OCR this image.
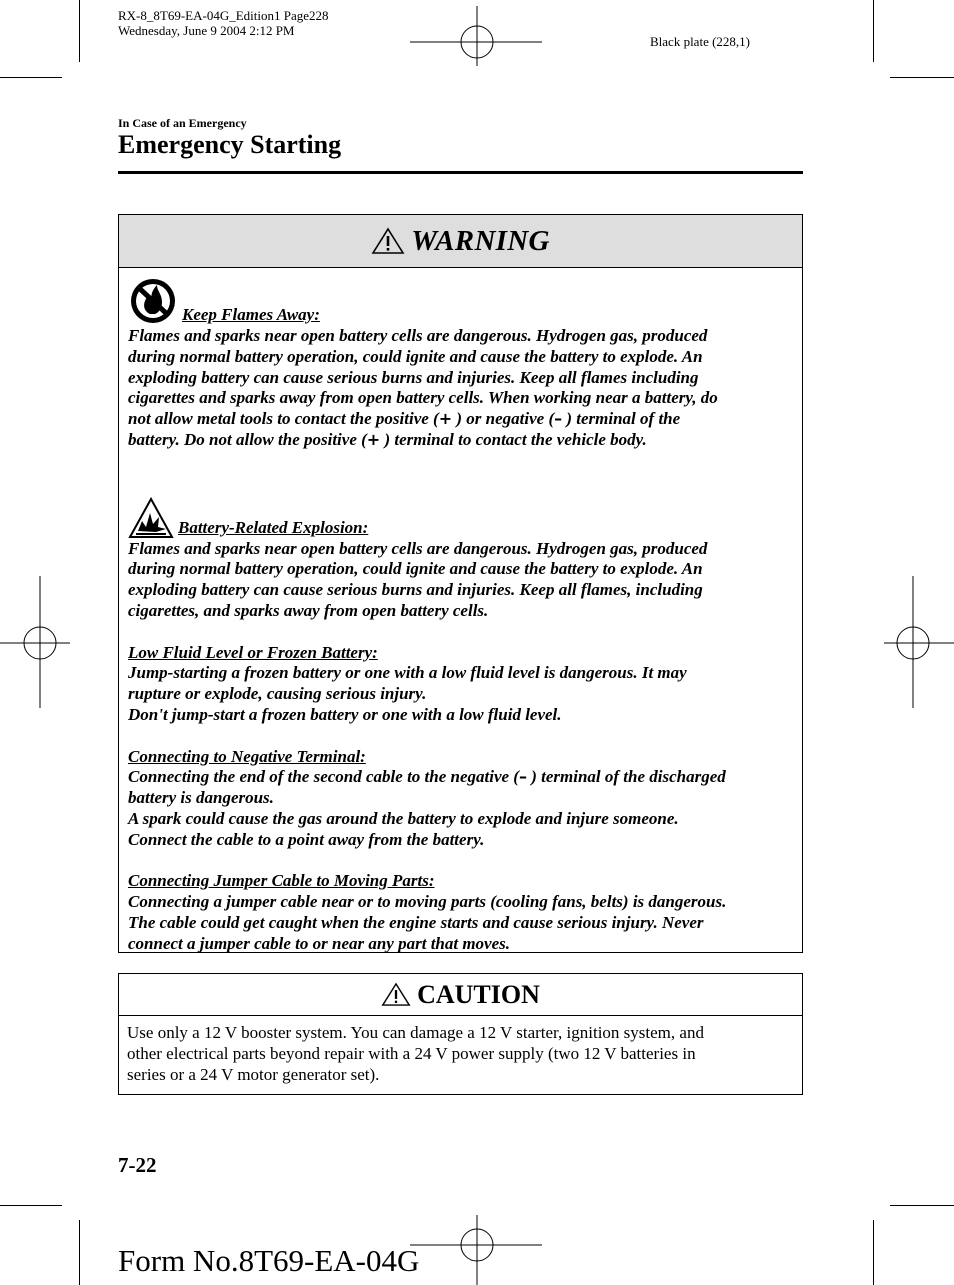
RX-8_8T69-EA-04G_Edition1 Page228
Wednesday, June 9 2004 2:12 PM
Black plate (228,1)
In Case of an Emergency
Emergency Starting
WARNING
Keep Flames Away:

Flames and sparks near open battery cells are dangerous. Hydrogen gas, produced

during normal battery operation, could ignite and cause the battery to explode. An

exploding battery can cause serious burns and injuries. Keep all flames including

cigarettes and sparks away from open battery cells. When working near a battery, do

not allow metal tools to contact the positive (+ ) or negative (– ) terminal of the

battery. Do not allow the positive (+ ) terminal to contact the vehicle body.

Battery-Related Explosion:

Flames and sparks near open battery cells are dangerous. Hydrogen gas, produced

during normal battery operation, could ignite and cause the battery to explode. An

exploding battery can cause serious burns and injuries. Keep all flames, including

cigarettes, and sparks away from open battery cells.

Low Fluid Level or Frozen Battery:

Jump-starting a frozen battery or one with a low fluid level is dangerous. It may

rupture or explode, causing serious injury.

Don't jump-start a frozen battery or one with a low fluid level.

Connecting to Negative Terminal:

Connecting the end of the second cable to the negative (– ) terminal of the discharged

battery is dangerous.

A spark could cause the gas around the battery to explode and injure someone.

Connect the cable to a point away from the battery.

Connecting Jumper Cable to Moving Parts:

Connecting a jumper cable near or to moving parts (cooling fans, belts) is dangerous.

The cable could get caught when the engine starts and cause serious injury. Never

connect a jumper cable to or near any part that moves.

CAUTION
Use only a 12 V booster system. You can damage a 12 V starter, ignition system, and
other electrical parts beyond repair with a 24 V power supply (two 12 V batteries in
series or a 24 V motor generator set).
7-22
Form No.8T69-EA-04G
